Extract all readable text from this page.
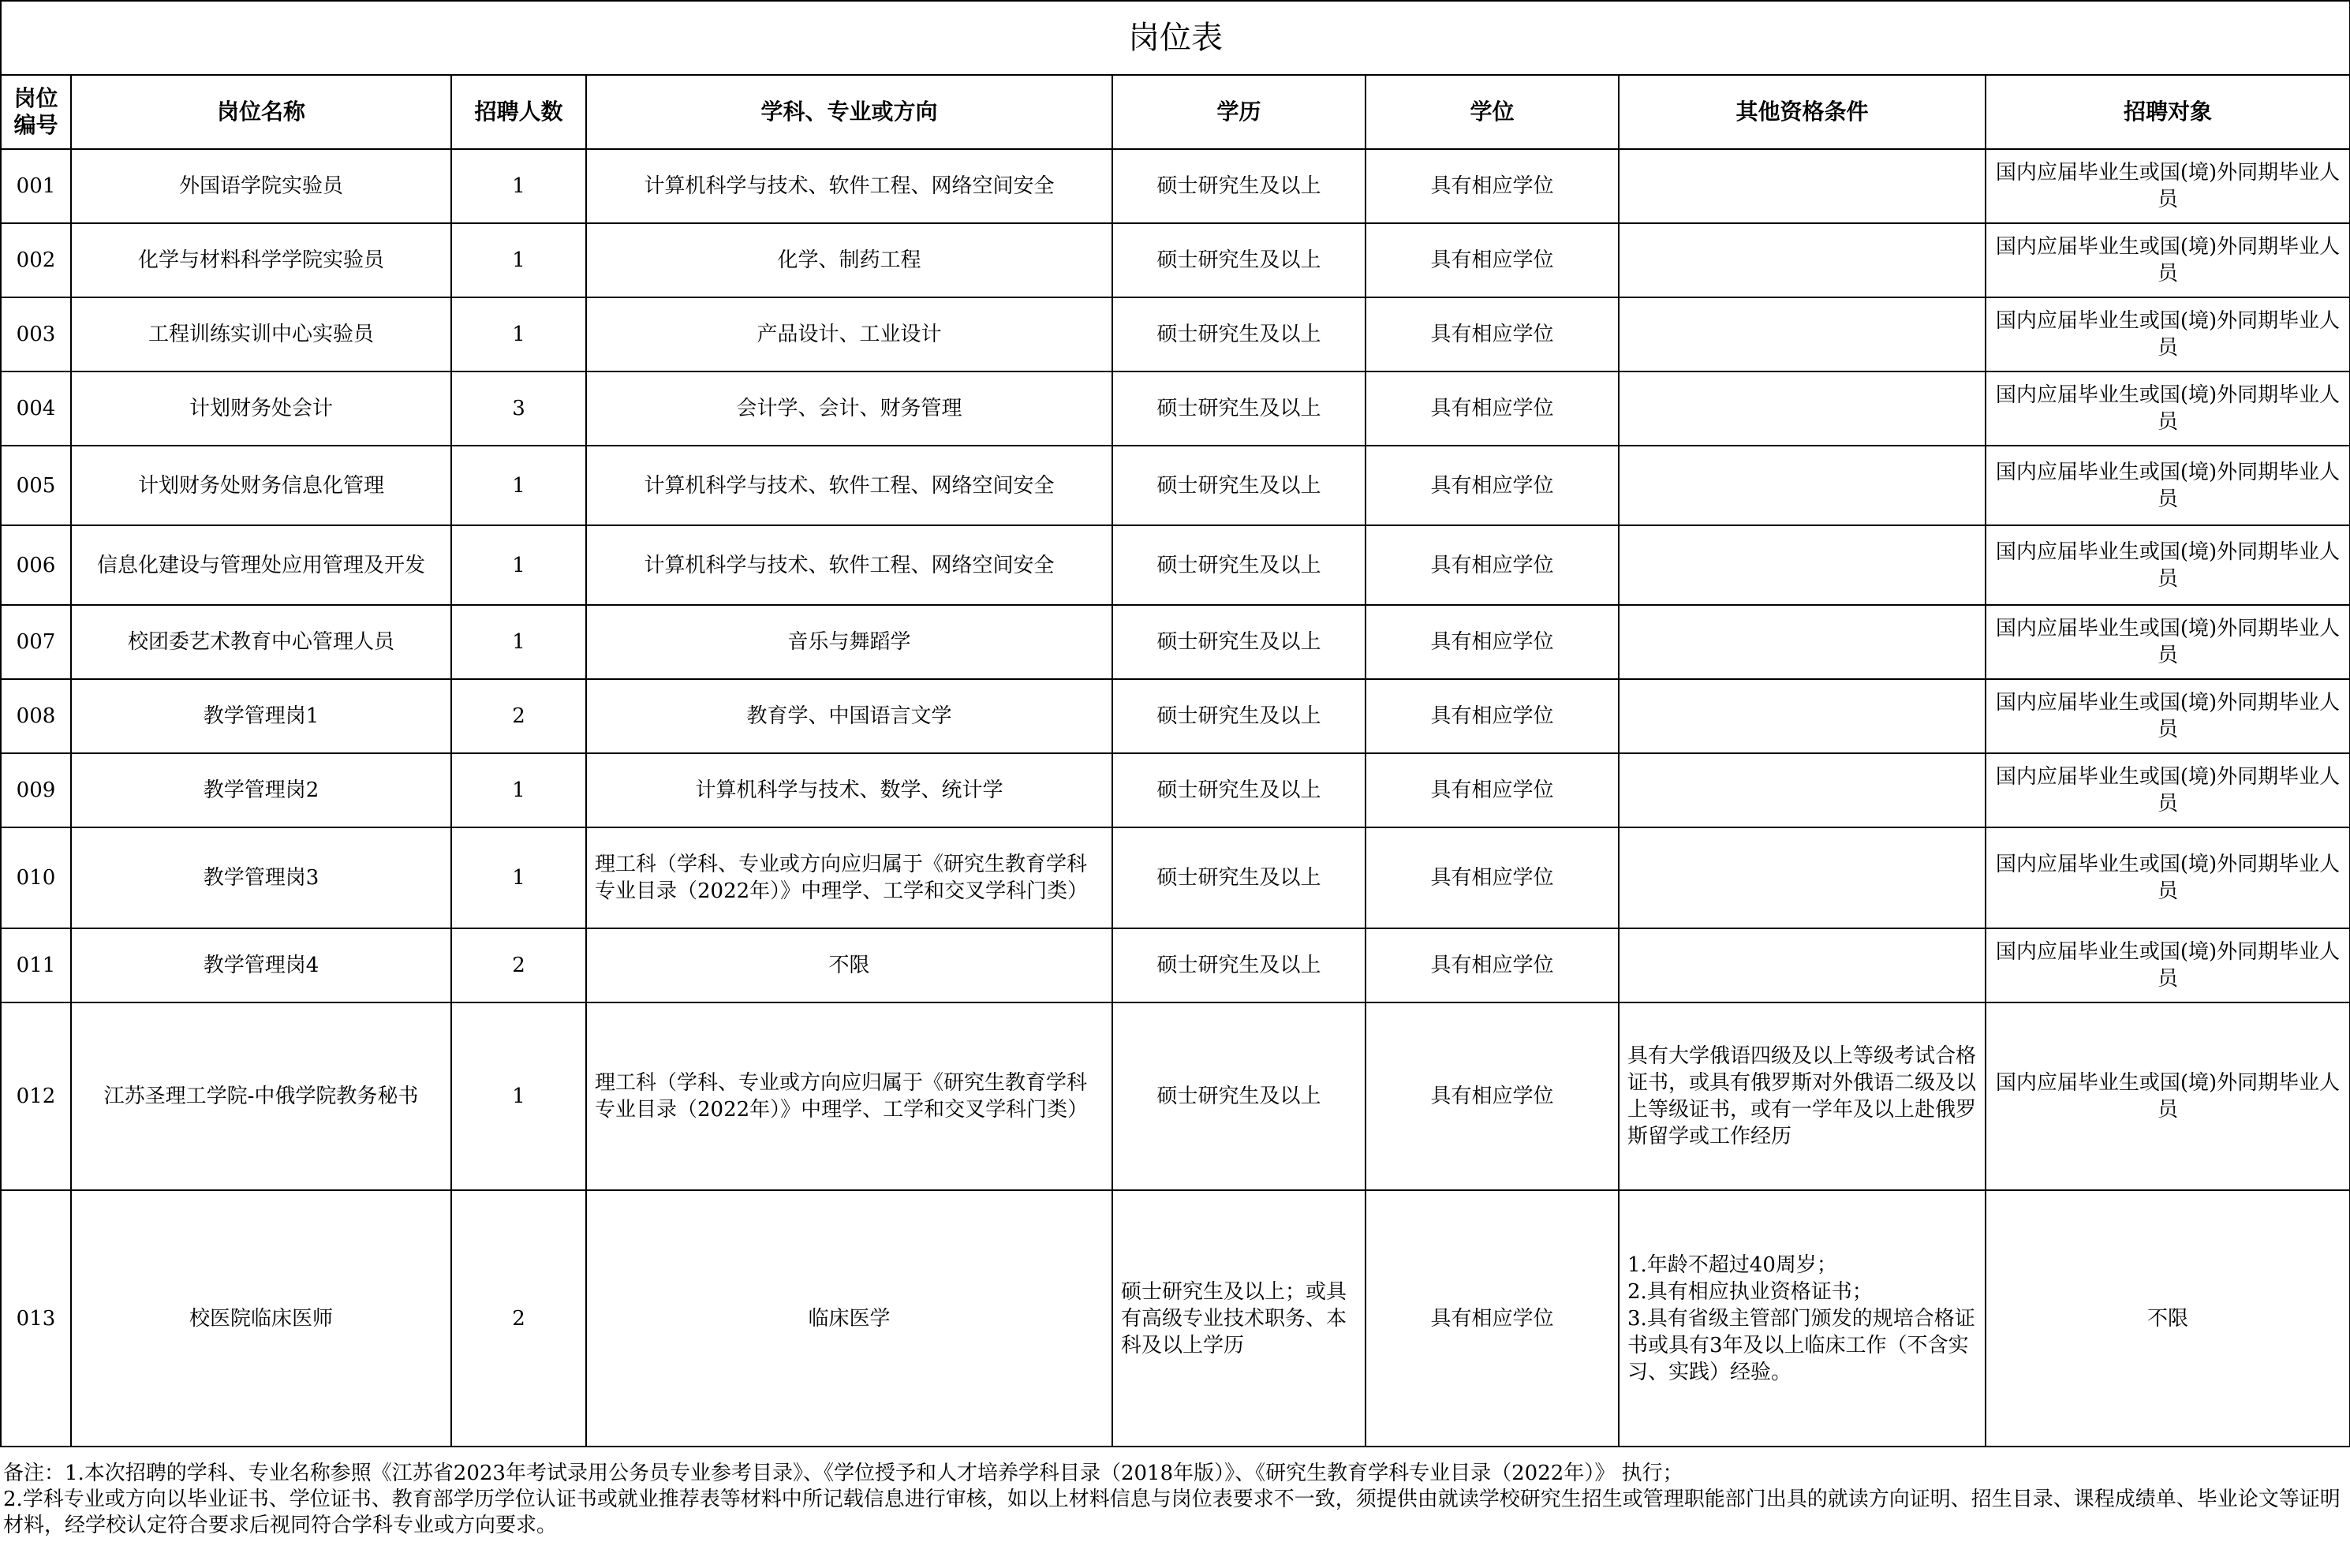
岗位表							
岗位编号	岗位名称	招聘人数	学科、专业或方向	学历	学位	其他资格条件	招聘对象
001	外国语学院实验员	1	计算机科学与技术、软件工程、网络空间安全	硕士研究生及以上	具有相应学位		国内应届毕业生或国(境)外同期毕业人员
002	化学与材料科学学院实验员	1	化学、制药工程	硕士研究生及以上	具有相应学位		国内应届毕业生或国(境)外同期毕业人员
003	工程训练实训中心实验员	1	产品设计、工业设计	硕士研究生及以上	具有相应学位		国内应届毕业生或国(境)外同期毕业人员
004	计划财务处会计	3	会计学、会计、财务管理	硕士研究生及以上	具有相应学位		国内应届毕业生或国(境)外同期毕业人员
005	计划财务处财务信息化管理	1	计算机科学与技术、软件工程、网络空间安全	硕士研究生及以上	具有相应学位		国内应届毕业生或国(境)外同期毕业人员
006	信息化建设与管理处应用管理及开发	1	计算机科学与技术、软件工程、网络空间安全	硕士研究生及以上	具有相应学位		国内应届毕业生或国(境)外同期毕业人员
007	校团委艺术教育中心管理人员	1	音乐与舞蹈学	硕士研究生及以上	具有相应学位		国内应届毕业生或国(境)外同期毕业人员
008	教学管理岗1	2	教育学、中国语言文学	硕士研究生及以上	具有相应学位		国内应届毕业生或国(境)外同期毕业人员
009	教学管理岗2	1	计算机科学与技术、数学、统计学	硕士研究生及以上	具有相应学位		国内应届毕业生或国(境)外同期毕业人员
010	教学管理岗3	1	理工科（学科、专业或方向应归属于《研究生教育学科专业目录（2022年）》中理学、工学和交叉学科门类）	硕士研究生及以上	具有相应学位		国内应届毕业生或国(境)外同期毕业人员
011	教学管理岗4	2	不限	硕士研究生及以上	具有相应学位		国内应届毕业生或国(境)外同期毕业人员
012	江苏圣理工学院-中俄学院教务秘书	1	理工科（学科、专业或方向应归属于《研究生教育学科专业目录（2022年）》中理学、工学和交叉学科门类）	硕士研究生及以上	具有相应学位	具有大学俄语四级及以上等级考试合格证书，或具有俄罗斯对外俄语二级及以上等级证书，或有一学年及以上赴俄罗斯留学或工作经历	国内应届毕业生或国(境)外同期毕业人员
013	校医院临床医师	2	临床医学	硕士研究生及以上；或具有高级专业技术职务、本科及以上学历	具有相应学位	1.年龄不超过40周岁；
2.具有相应执业资格证书；
3.具有省级主管部门颁发的规培合格证书或具有3年及以上临床工作（不含实习、实践）经验。	不限
备注：1.本次招聘的学科、专业名称参照《江苏省2023年考试录用公务员专业参考目录》、《学位授予和人才培养学科目录（2018年版）》、《研究生教育学科专业目录（2022年）》 执行；
2.学科专业或方向以毕业证书、学位证书、教育部学历学位认证书或就业推荐表等材料中所记载信息进行审核，如以上材料信息与岗位表要求不一致，须提供由就读学校研究生招生或管理职能部门出具的就读方向证明、招生目录、课程成绩单、毕业论文等证明材料，经学校认定符合要求后视同符合学科专业或方向要求。
